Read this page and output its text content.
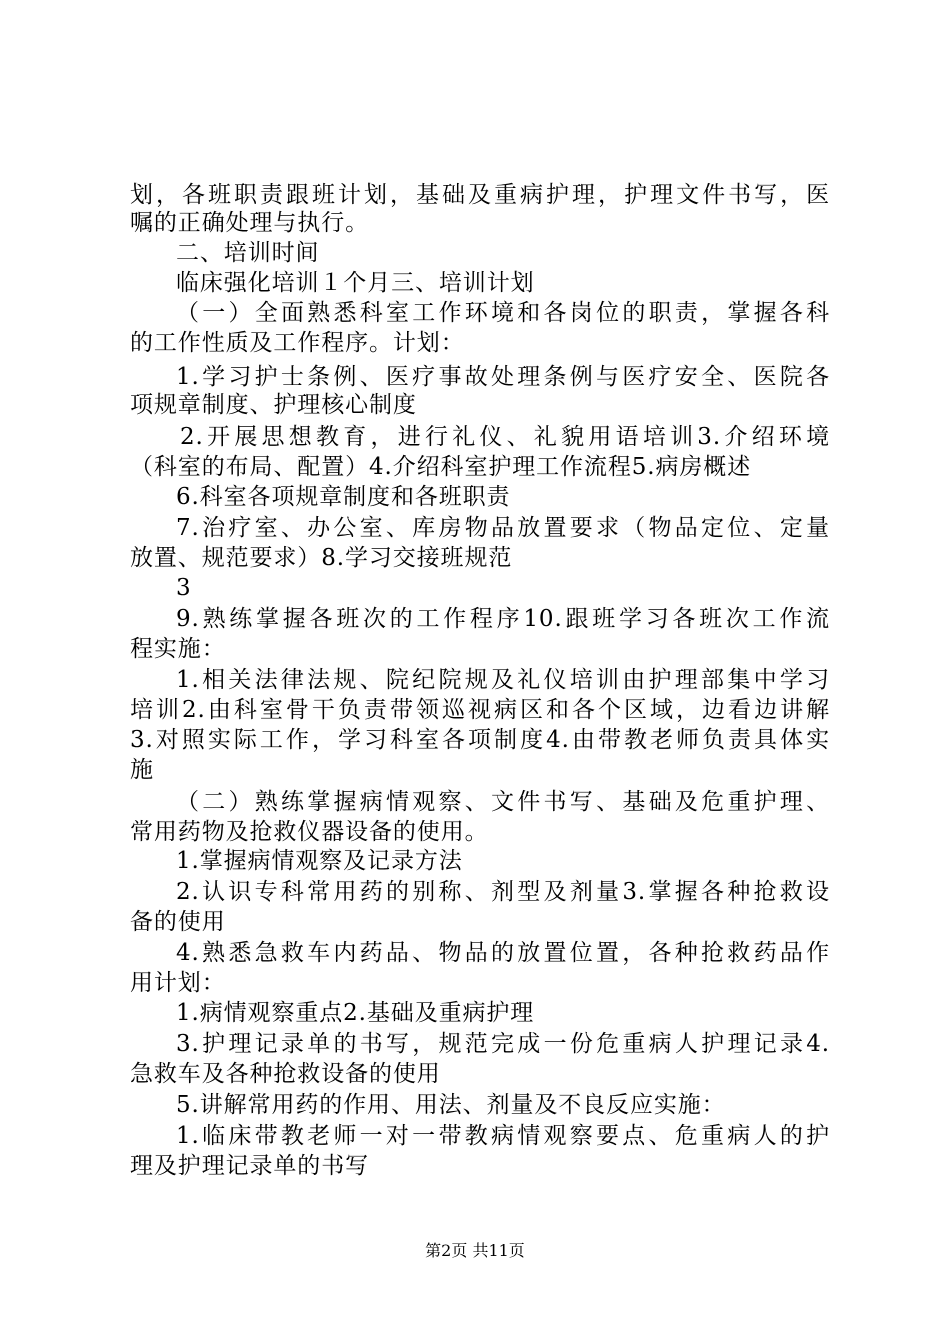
划，各班职责跟班计划，基础及重病护理，护理文件书写，医
嘱的正确处理与执行。
二、培训时间
临床强化培训１个月三、培训计划
（一）全面熟悉科室工作环境和各岗位的职责，掌握各科
的工作性质及工作程序。计划：
1.学习护士条例、医疗事故处理条例与医疗安全、医院各
项规章制度、护理核心制度
2.开展思想教育，进行礼仪、礼貌用语培训3.介绍环境
（科室的布局、配置）4.介绍科室护理工作流程5.病房概述
6.科室各项规章制度和各班职责
7.治疗室、办公室、库房物品放置要求（物品定位、定量
放置、规范要求）8.学习交接班规范
3
9.熟练掌握各班次的工作程序10.跟班学习各班次工作流
程实施：
1.相关法律法规、院纪院规及礼仪培训由护理部集中学习
培训2.由科室骨干负责带领巡视病区和各个区域，边看边讲解
3.对照实际工作，学习科室各项制度4.由带教老师负责具体实
施
（二）熟练掌握病情观察、文件书写、基础及危重护理、
常用药物及抢救仪器设备的使用。
1.掌握病情观察及记录方法
2.认识专科常用药的别称、剂型及剂量3.掌握各种抢救设
备的使用
4.熟悉急救车内药品、物品的放置位置，各种抢救药品作
用计划：
1.病情观察重点2.基础及重病护理
3.护理记录单的书写，规范完成一份危重病人护理记录4.
急救车及各种抢救设备的使用
5.讲解常用药的作用、用法、剂量及不良反应实施：
1.临床带教老师一对一带教病情观察要点、危重病人的护
理及护理记录单的书写
第2页 共11页
